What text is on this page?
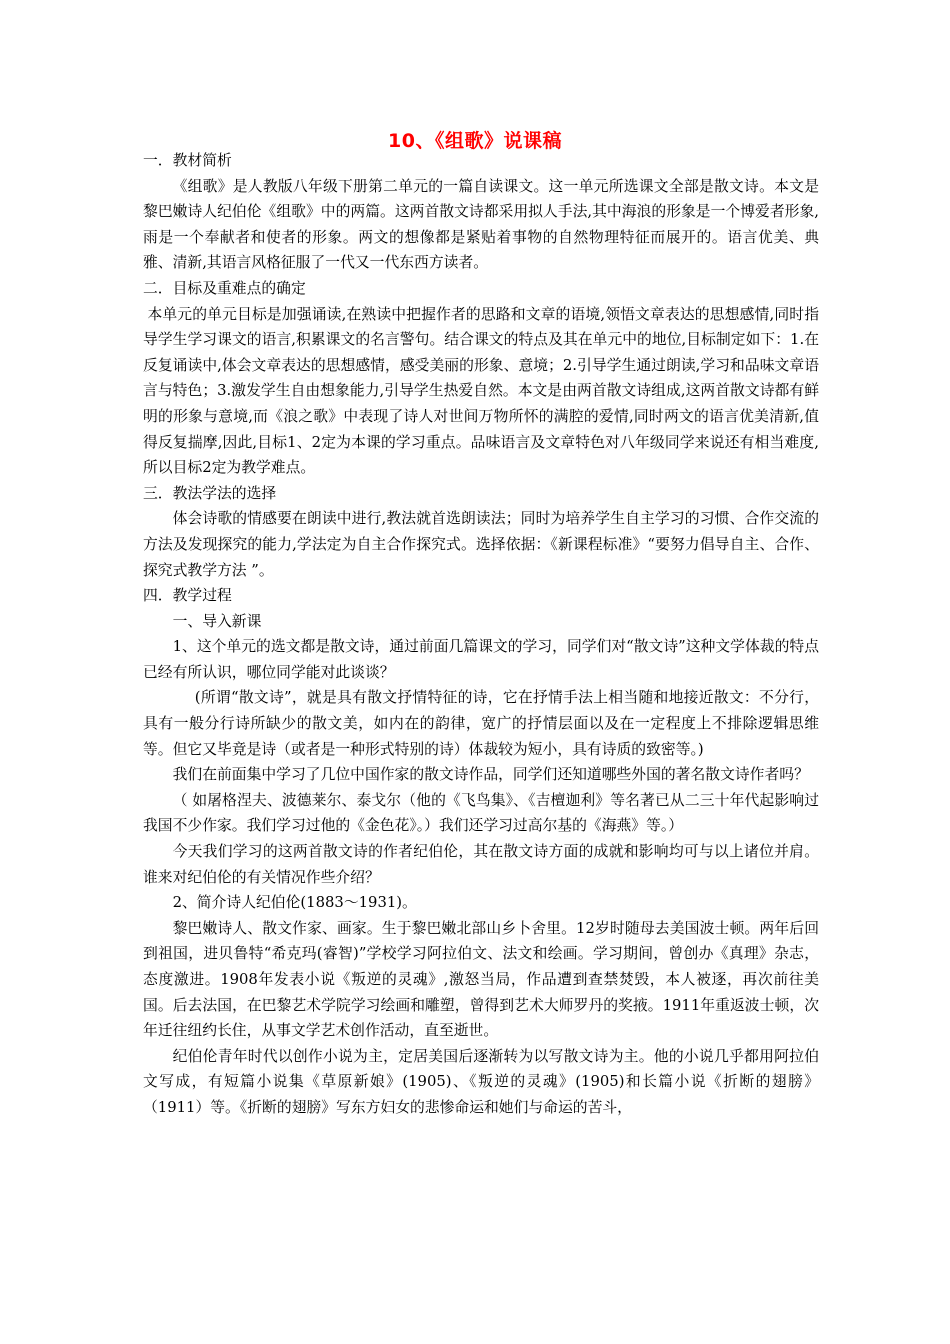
10、《组歌》说课稿

一．教材简析

《组歌》是人教版八年级下册第二单元的一篇自读课文。这一单元所选课文全部是散文诗。本文是黎巴嫩诗人纪伯伦《组歌》中的两篇。这两首散文诗都采用拟人手法,其中海浪的形象是一个博爱者形象,雨是一个奉献者和使者的形象。两文的想像都是紧贴着事物的自然物理特征而展开的。语言优美、典雅、清新,其语言风格征服了一代又一代东西方读者。

二．目标及重难点的确定

本单元的单元目标是加强诵读,在熟读中把握作者的思路和文章的语境,领悟文章表达的思想感情,同时指导学生学习课文的语言,积累课文的名言警句。结合课文的特点及其在单元中的地位,目标制定如下：1.在反复诵读中,体会文章表达的思想感情，感受美丽的形象、意境；2.引导学生通过朗读,学习和品味文章语言与特色；3.激发学生自由想象能力,引导学生热爱自然。本文是由两首散文诗组成,这两首散文诗都有鲜明的形象与意境,而《浪之歌》中表现了诗人对世间万物所怀的满腔的爱情,同时两文的语言优美清新,值得反复揣摩,因此,目标1、2定为本课的学习重点。品味语言及文章特色对八年级同学来说还有相当难度,所以目标2定为教学难点。

三．教法学法的选择

体会诗歌的情感要在朗读中进行,教法就首选朗读法；同时为培养学生自主学习的习惯、合作交流的方法及发现探究的能力,学法定为自主合作探究式。选择依据：《新课程标准》“要努力倡导自主、合作、探究式教学方法 ”。

四．教学过程

一、导入新课

1、这个单元的选文都是散文诗，通过前面几篇课文的学习，同学们对“散文诗”这种文学体裁的特点已经有所认识，哪位同学能对此谈谈？

(所谓“散文诗”，就是具有散文抒情特征的诗，它在抒情手法上相当随和地接近散文：不分行，具有一般分行诗所缺少的散文美，如内在的韵律，宽广的抒情层面以及在一定程度上不排除逻辑思维等。但它又毕竟是诗（或者是一种形式特别的诗）体裁较为短小，具有诗质的致密等。)

我们在前面集中学习了几位中国作家的散文诗作品，同学们还知道哪些外国的著名散文诗作者吗？

（ 如屠格涅夫、波德莱尔、泰戈尔（他的《飞鸟集》、《吉檀迦利》等名著已从二三十年代起影响过我国不少作家。我们学习过他的《金色花》。）我们还学习过高尔基的《海燕》等。）

今天我们学习的这两首散文诗的作者纪伯伦，其在散文诗方面的成就和影响均可与以上诸位并肩。谁来对纪伯伦的有关情况作些介绍？

2、简介诗人纪伯伦(1883～1931)。

黎巴嫩诗人、散文作家、画家。生于黎巴嫩北部山乡卜舍里。12岁时随母去美国波士顿。两年后回到祖国，进贝鲁特“希克玛(睿智)”学校学习阿拉伯文、法文和绘画。学习期间，曾创办《真理》杂志，态度激进。1908年发表小说《叛逆的灵魂》,激怒当局，作品遭到查禁焚毁，本人被逐，再次前往美国。后去法国，在巴黎艺术学院学习绘画和雕塑，曾得到艺术大师罗丹的奖掖。1911年重返波士顿，次年迁往纽约长住，从事文学艺术创作活动，直至逝世。

纪伯伦青年时代以创作小说为主，定居美国后逐渐转为以写散文诗为主。他的小说几乎都用阿拉伯文写成，有短篇小说集《草原新娘》(1905)、《叛逆的灵魂》(1905)和长篇小说《折断的翅膀》（1911）等。《折断的翅膀》写东方妇女的悲惨命运和她们与命运的苦斗，
